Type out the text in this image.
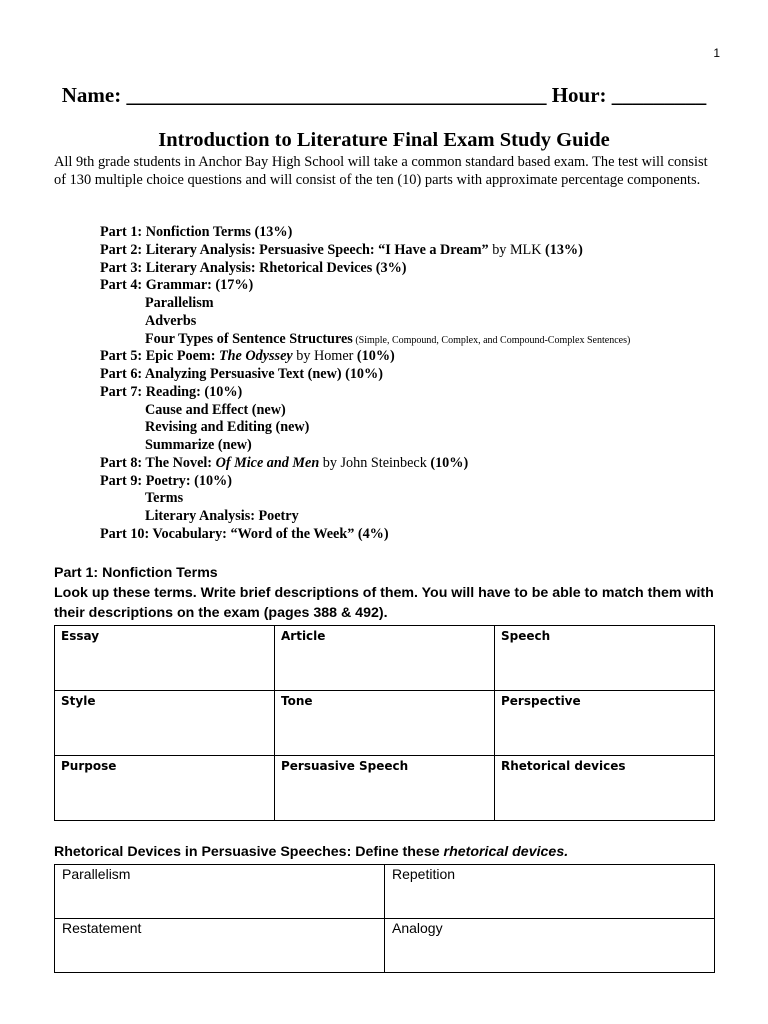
1
Name: ________________________________________ Hour: _________
Introduction to Literature Final Exam Study Guide
All 9th grade students in Anchor Bay High School will take a common standard based exam. The test will consist of 130 multiple choice questions and will consist of the ten (10) parts with approximate percentage components.
Part 1: Nonfiction Terms (13%)
Part 2: Literary Analysis: Persuasive Speech: “I Have a Dream” by MLK (13%)
Part 3: Literary Analysis: Rhetorical Devices (3%)
Part 4: Grammar: (17%)
Parallelism
Adverbs
Four Types of Sentence Structures (Simple, Compound, Complex, and Compound-Complex Sentences)
Part 5: Epic Poem: The Odyssey by Homer (10%)
Part 6: Analyzing Persuasive Text (new) (10%)
Part 7: Reading: (10%)
Cause and Effect (new)
Revising and Editing (new)
Summarize (new)
Part 8: The Novel: Of Mice and Men by John Steinbeck (10%)
Part 9: Poetry: (10%)
Terms
Literary Analysis: Poetry
Part 10: Vocabulary: “Word of the Week” (4%)
Part 1: Nonfiction Terms
Look up these terms. Write brief descriptions of them. You will have to be able to match them with their descriptions on the exam (pages 388 & 492).
Essay	Article	Speech
Style	Tone	Perspective
Purpose	Persuasive Speech	Rhetorical devices
Rhetorical Devices in Persuasive Speeches: Define these rhetorical devices.
Parallelism	Repetition
Restatement	Analogy
